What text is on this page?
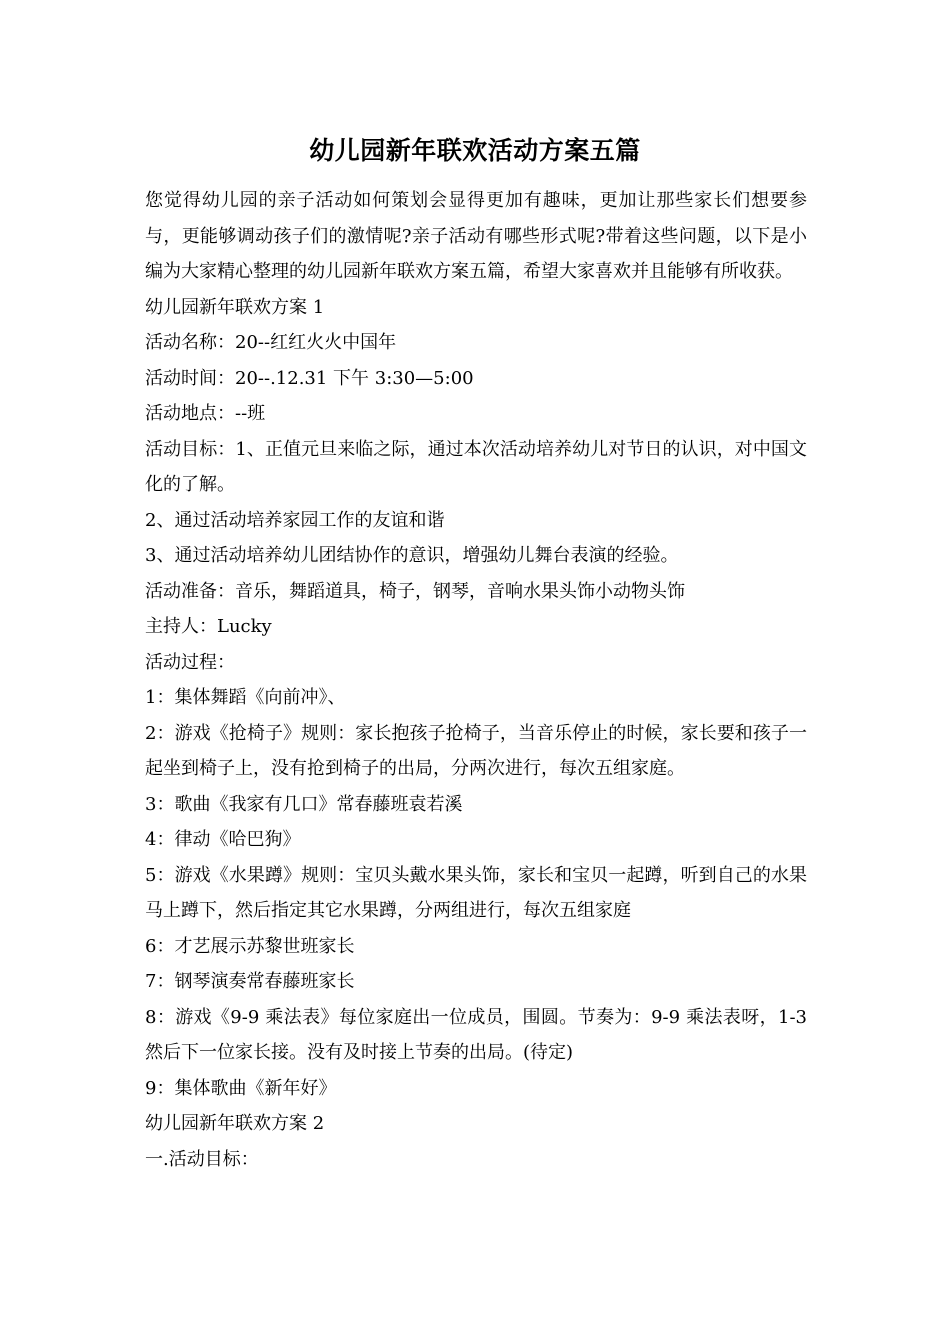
幼儿园新年联欢活动方案五篇

您觉得幼儿园的亲子活动如何策划会显得更加有趣味，更加让那些家长们想要参与，更能够调动孩子们的激情呢?亲子活动有哪些形式呢?带着这些问题，以下是小编为大家精心整理的幼儿园新年联欢方案五篇，希望大家喜欢并且能够有所收获。

幼儿园新年联欢方案 1

活动名称：20--红红火火中国年

活动时间：20--.12.31 下午 3:30—5:00

活动地点：--班

活动目标：1、正值元旦来临之际，通过本次活动培养幼儿对节日的认识，对中国文化的了解。

2、通过活动培养家园工作的友谊和谐

3、通过活动培养幼儿团结协作的意识，增强幼儿舞台表演的经验。

活动准备：音乐，舞蹈道具，椅子，钢琴，音响水果头饰小动物头饰

主持人：Lucky

活动过程：

1：集体舞蹈《向前冲》、

2：游戏《抢椅子》规则：家长抱孩子抢椅子，当音乐停止的时候，家长要和孩子一起坐到椅子上，没有抢到椅子的出局，分两次进行，每次五组家庭。

3：歌曲《我家有几口》常春藤班袁若溪

4：律动《哈巴狗》

5：游戏《水果蹲》规则：宝贝头戴水果头饰，家长和宝贝一起蹲，听到自己的水果马上蹲下，然后指定其它水果蹲，分两组进行，每次五组家庭

6：才艺展示苏黎世班家长

7：钢琴演奏常春藤班家长

8：游戏《9-9 乘法表》每位家庭出一位成员，围圆。节奏为：9-9 乘法表呀，1-3 然后下一位家长接。没有及时接上节奏的出局。(待定)

9：集体歌曲《新年好》

幼儿园新年联欢方案 2

一.活动目标：
